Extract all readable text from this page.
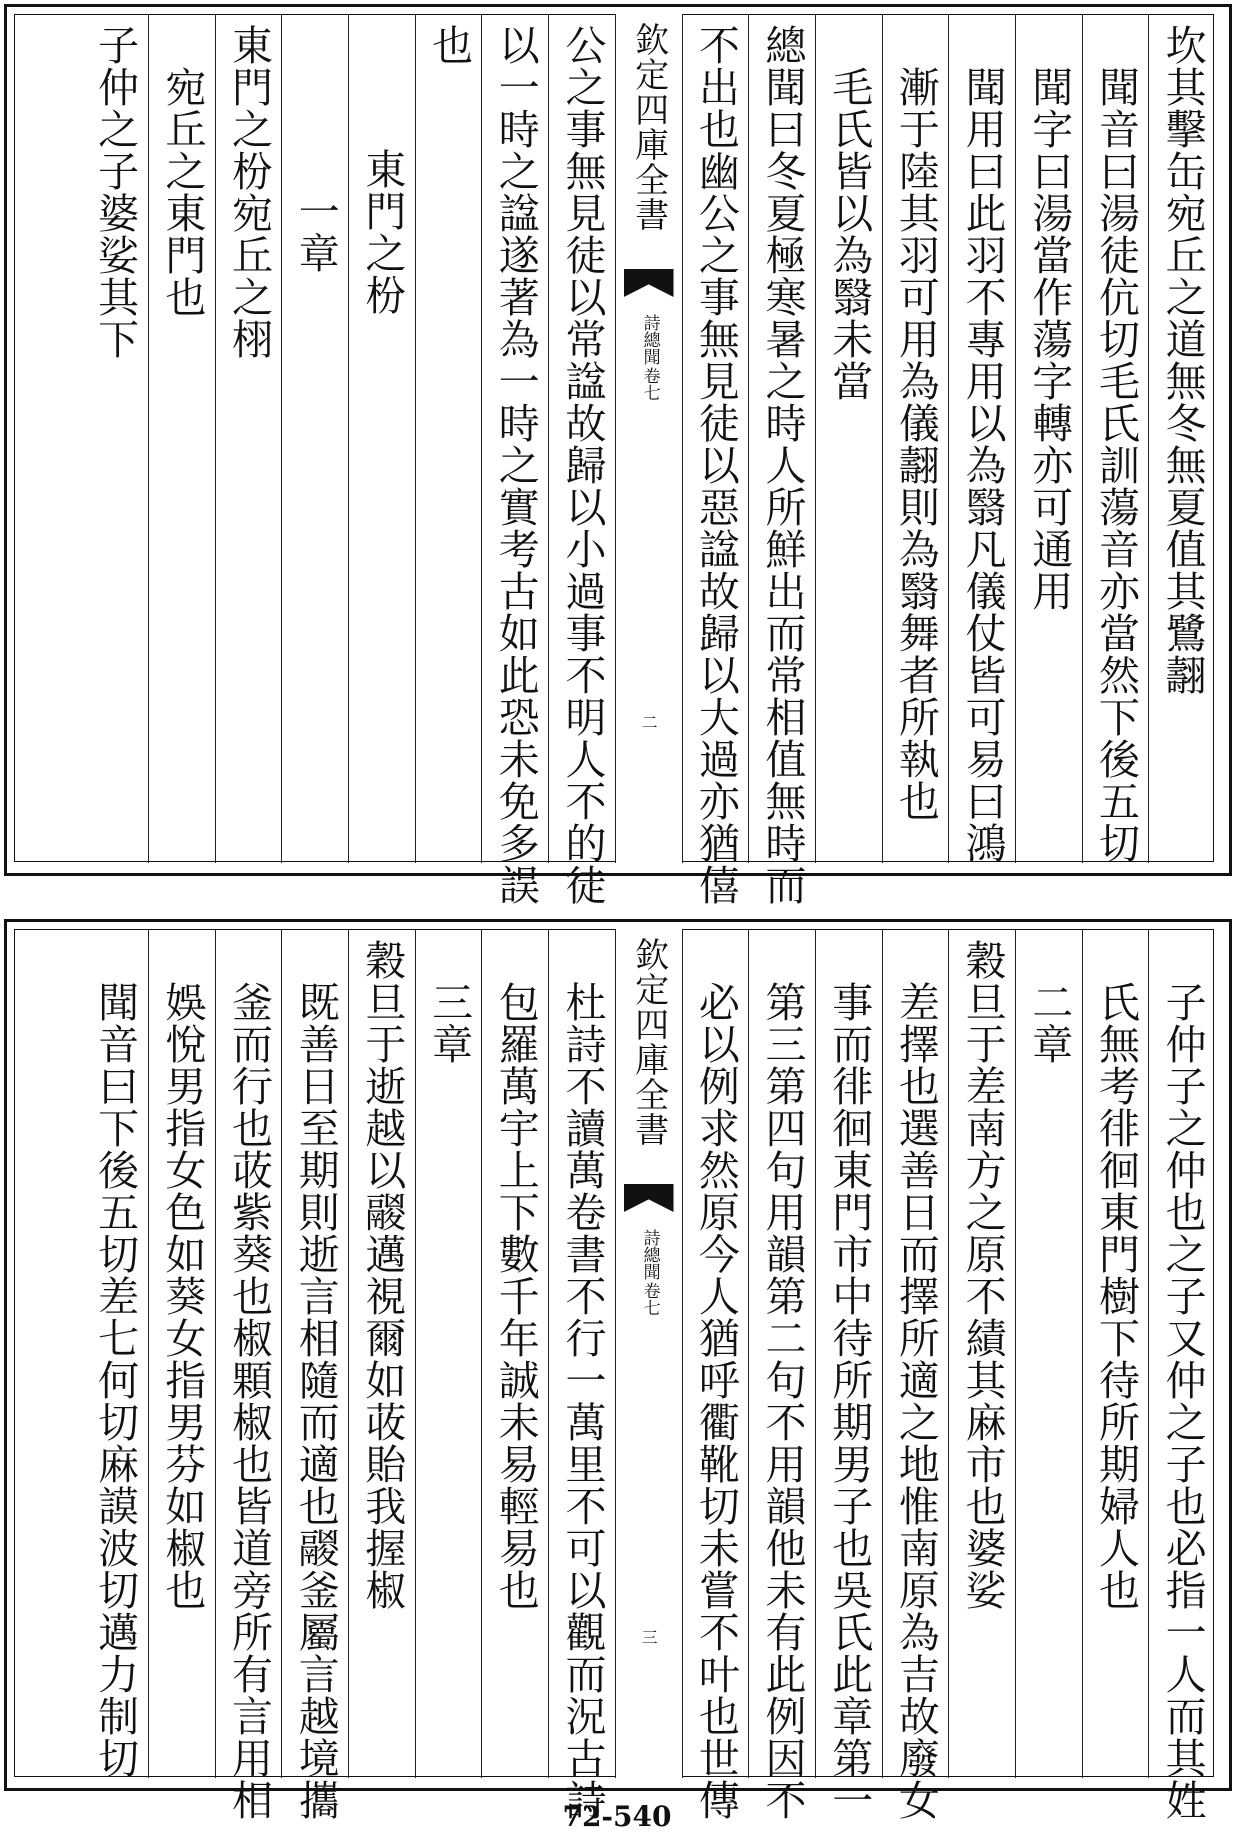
坎其擊缶宛丘之道無冬無夏值其鷺翿
聞音曰湯徒伉切毛氏訓蕩音亦當然下後五切
聞字曰湯當作蕩字轉亦可通用
聞用曰此羽不專用以為翳凡儀仗皆可易曰鴻
漸于陸其羽可用為儀翿則為翳舞者所執也
毛氏皆以為翳未當
總聞曰冬夏極寒暑之時人所鮮出而常相值無時而
不出也幽公之事無見徒以惡諡故歸以大過亦猶僖
欽定四庫全書
詩總聞
卷七
二
公之事無見徒以常諡故歸以小過事不明人不的徒
以一時之諡遂著為一時之實考古如此恐未免多誤
也
東門之枌
一章
東門之枌宛丘之栩
宛丘之東門也
子仲之子婆娑其下
子仲子之仲也之子又仲之子也必指一人而其姓
氏無考徘徊東門樹下待所期婦人也
二章
穀旦于差南方之原不績其麻市也婆娑
差擇也選善日而擇所適之地惟南原為吉故廢女
事而徘徊東門市中待所期男子也吳氏此章第一
第三第四句用韻第二句不用韻他未有此例因不
必以例求然原今人猶呼衢靴切未嘗不叶也世傳
欽定四庫全書
詩總聞
卷七
三
杜詩不讀萬卷書不行一萬里不可以觀而況古詩
包羅萬宇上下數千年誠未易輕易也
三章
穀旦于逝越以鬷邁視爾如荍貽我握椒
既善日至期則逝言相隨而適也鬷釜屬言越境攜
釜而行也荍紫葵也椒顆椒也皆道旁所有言用相
娛悅男指女色如葵女指男芬如椒也
聞音曰下後五切差七何切麻謨波切邁力制切
72-540
